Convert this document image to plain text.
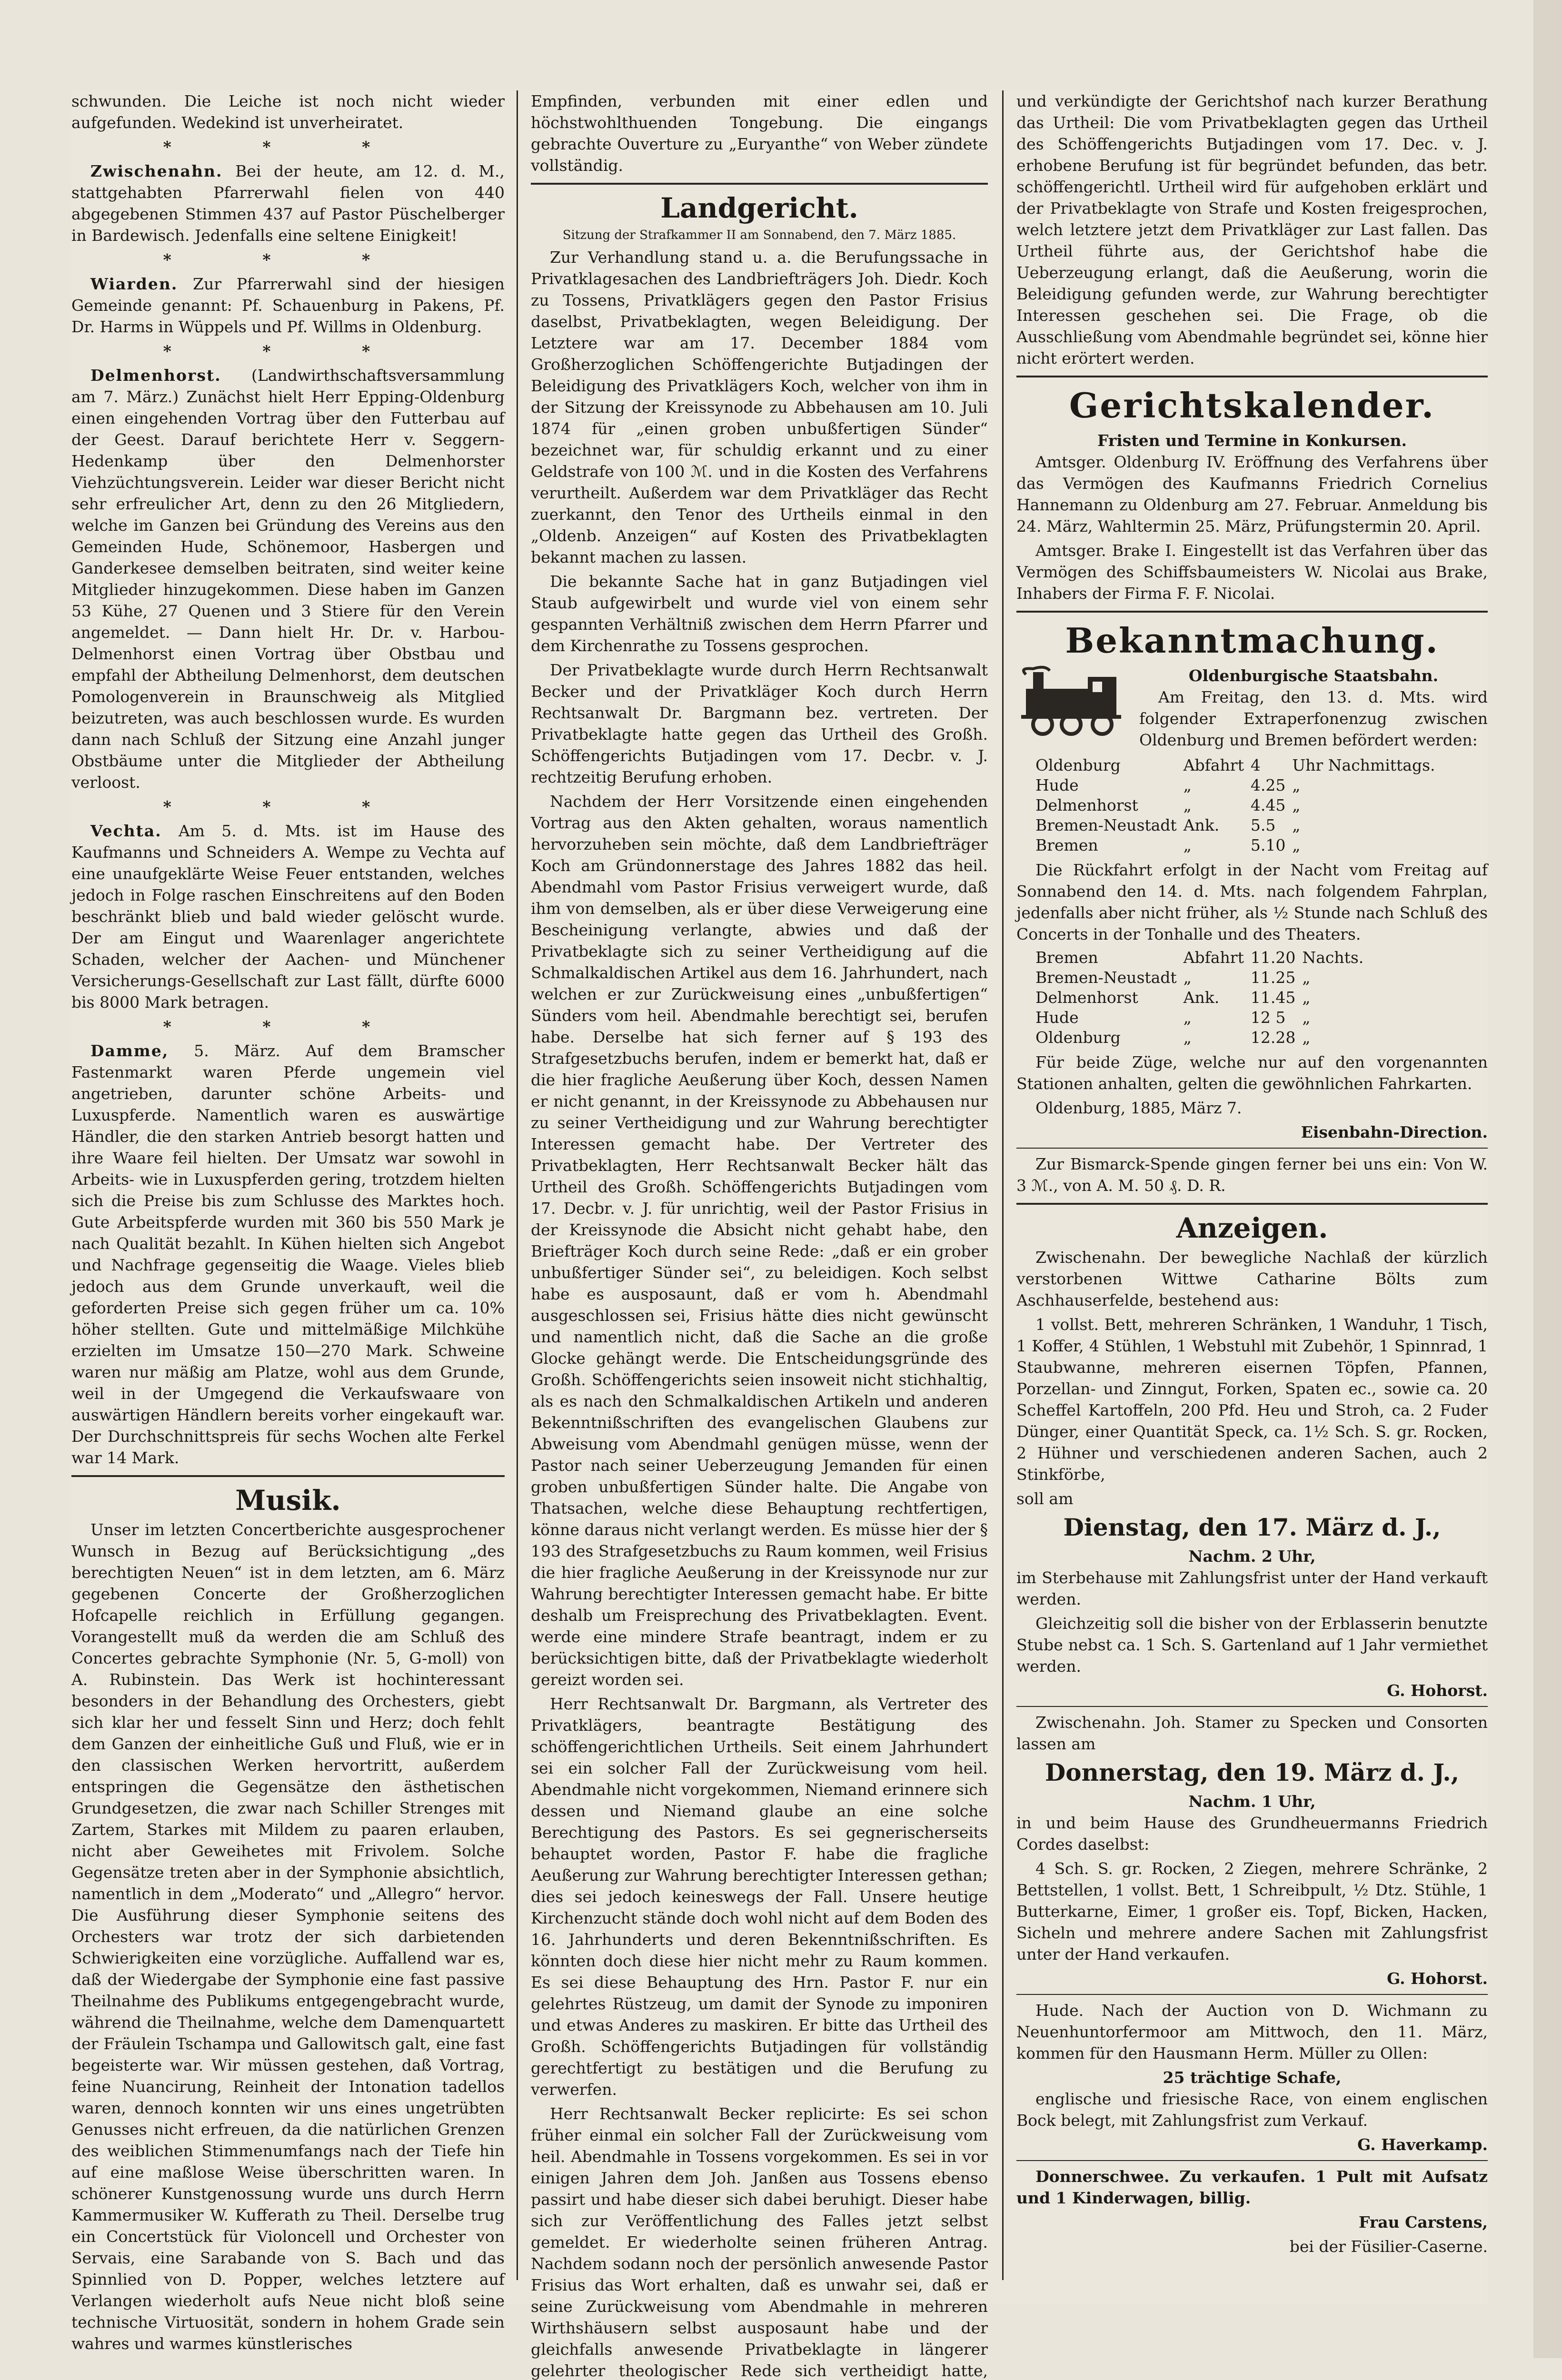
schwunden. Die Leiche ist noch nicht wieder aufgefunden. Wedekind ist unverheiratet.

* * *

Zwischenahn. Bei der heute, am 12. d. M., stattgehabten Pfarrerwahl fielen von 440 abgegebenen Stimmen 437 auf Pastor Püschelberger in Bardewisch. Jedenfalls eine seltene Einigkeit!

* * *

Wiarden. Zur Pfarrerwahl sind der hiesigen Gemeinde genannt: Pf. Schauenburg in Pakens, Pf. Dr. Harms in Wüppels und Pf. Willms in Oldenburg.

* * *

Delmenhorst. (Landwirthschaftsversammlung am 7. März.) Zunächst hielt Herr Epping-Oldenburg einen eingehenden Vortrag über den Futterbau auf der Geest. Darauf berichtete Herr v. Seggern-Hedenkamp über den Delmenhorster Viehzüchtungsverein. Leider war dieser Bericht nicht sehr erfreulicher Art, denn zu den 26 Mitgliedern, welche im Ganzen bei Gründung des Vereins aus den Gemeinden Hude, Schönemoor, Hasbergen und Ganderkesee demselben beitraten, sind weiter keine Mitglieder hinzugekommen. Diese haben im Ganzen 53 Kühe, 27 Quenen und 3 Stiere für den Verein angemeldet. — Dann hielt Hr. Dr. v. Harbou-Delmenhorst einen Vortrag über Obstbau und empfahl der Abtheilung Delmenhorst, dem deutschen Pomologenverein in Braunschweig als Mitglied beizutreten, was auch beschlossen wurde. Es wurden dann nach Schluß der Sitzung eine Anzahl junger Obstbäume unter die Mitglieder der Abtheilung verloost.

* * *

Vechta. Am 5. d. Mts. ist im Hause des Kaufmanns und Schneiders A. Wempe zu Vechta auf eine unaufgeklärte Weise Feuer entstanden, welches jedoch in Folge raschen Einschreitens auf den Boden beschränkt blieb und bald wieder gelöscht wurde. Der am Eingut und Waarenlager angerichtete Schaden, welcher der Aachen- und Münchener Versicherungs-Gesellschaft zur Last fällt, dürfte 6000 bis 8000 Mark betragen.

* * *

Damme, 5. März. Auf dem Bramscher Fastenmarkt waren Pferde ungemein viel angetrieben, darunter schöne Arbeits- und Luxuspferde. Namentlich waren es auswärtige Händler, die den starken Antrieb besorgt hatten und ihre Waare feil hielten. Der Umsatz war sowohl in Arbeits- wie in Luxuspferden gering, trotzdem hielten sich die Preise bis zum Schlusse des Marktes hoch. Gute Arbeitspferde wurden mit 360 bis 550 Mark je nach Qualität bezahlt. In Kühen hielten sich Angebot und Nachfrage gegenseitig die Waage. Vieles blieb jedoch aus dem Grunde unverkauft, weil die geforderten Preise sich gegen früher um ca. 10% höher stellten. Gute und mittelmäßige Milchkühe erzielten im Umsatze 150—270 Mark. Schweine waren nur mäßig am Platze, wohl aus dem Grunde, weil in der Umgegend die Verkaufswaare von auswärtigen Händlern bereits vorher eingekauft war. Der Durchschnittspreis für sechs Wochen alte Ferkel war 14 Mark.

Musik.

Unser im letzten Concertberichte ausgesprochener Wunsch in Bezug auf Berücksichtigung „des berechtigten Neuen“ ist in dem letzten, am 6. März gegebenen Concerte der Großherzoglichen Hofcapelle reichlich in Erfüllung gegangen. Vorangestellt muß da werden die am Schluß des Concertes gebrachte Symphonie (Nr. 5, G-moll) von A. Rubinstein. Das Werk ist hochinteressant besonders in der Behandlung des Orchesters, giebt sich klar her und fesselt Sinn und Herz; doch fehlt dem Ganzen der einheitliche Guß und Fluß, wie er in den classischen Werken hervortritt, außerdem entspringen die Gegensätze den ästhetischen Grundgesetzen, die zwar nach Schiller Strenges mit Zartem, Starkes mit Mildem zu paaren erlauben, nicht aber Geweihetes mit Frivolem. Solche Gegensätze treten aber in der Symphonie absichtlich, namentlich in dem „Moderato“ und „Allegro“ hervor. Die Ausführung dieser Symphonie seitens des Orchesters war trotz der sich darbietenden Schwierigkeiten eine vorzügliche. Auffallend war es, daß der Wiedergabe der Symphonie eine fast passive Theilnahme des Publikums entgegengebracht wurde, während die Theilnahme, welche dem Damenquartett der Fräulein Tschampa und Gallowitsch galt, eine fast begeisterte war. Wir müssen gestehen, daß Vortrag, feine Nuancirung, Reinheit der Intonation tadellos waren, dennoch konnten wir uns eines ungetrübten Genusses nicht erfreuen, da die natürlichen Grenzen des weiblichen Stimmenumfangs nach der Tiefe hin auf eine maßlose Weise überschritten waren. In schönerer Kunstgenossung wurde uns durch Herrn Kammermusiker W. Kufferath zu Theil. Derselbe trug ein Concertstück für Violoncell und Orchester von Servais, eine Sarabande von S. Bach und das Spinnlied von D. Popper, welches letztere auf Verlangen wiederholt aufs Neue nicht bloß seine technische Virtuosität, sondern in hohem Grade sein wahres und warmes künstlerisches

Empfinden, verbunden mit einer edlen und höchstwohlthuenden Tongebung. Die eingangs gebrachte Ouverture zu „Euryanthe“ von Weber zündete vollständig.

Landgericht.
Sitzung der Strafkammer II am Sonnabend, den 7. März 1885.

Zur Verhandlung stand u. a. die Berufungssache in Privatklagesachen des Landbriefträgers Joh. Diedr. Koch zu Tossens, Privatklägers gegen den Pastor Frisius daselbst, Privatbeklagten, wegen Beleidigung. Der Letztere war am 17. December 1884 vom Großherzoglichen Schöffengerichte Butjadingen der Beleidigung des Privatklägers Koch, welcher von ihm in der Sitzung der Kreissynode zu Abbehausen am 10. Juli 1874 für „einen groben unbußfertigen Sünder“ bezeichnet war, für schuldig erkannt und zu einer Geldstrafe von 100 ℳ. und in die Kosten des Verfahrens verurtheilt. Außerdem war dem Privatkläger das Recht zuerkannt, den Tenor des Urtheils einmal in den „Oldenb. Anzeigen“ auf Kosten des Privatbeklagten bekannt machen zu lassen.

Die bekannte Sache hat in ganz Butjadingen viel Staub aufgewirbelt und wurde viel von einem sehr gespannten Verhältniß zwischen dem Herrn Pfarrer und dem Kirchenrathe zu Tossens gesprochen.

Der Privatbeklagte wurde durch Herrn Rechtsanwalt Becker und der Privatkläger Koch durch Herrn Rechtsanwalt Dr. Bargmann bez. vertreten. Der Privatbeklagte hatte gegen das Urtheil des Großh. Schöffengerichts Butjadingen vom 17. Decbr. v. J. rechtzeitig Berufung erhoben.

Nachdem der Herr Vorsitzende einen eingehenden Vortrag aus den Akten gehalten, woraus namentlich hervorzuheben sein möchte, daß dem Landbriefträger Koch am Gründonnerstage des Jahres 1882 das heil. Abendmahl vom Pastor Frisius verweigert wurde, daß ihm von demselben, als er über diese Verweigerung eine Bescheinigung verlangte, abwies und daß der Privatbeklagte sich zu seiner Vertheidigung auf die Schmalkaldischen Artikel aus dem 16. Jahrhundert, nach welchen er zur Zurückweisung eines „unbußfertigen“ Sünders vom heil. Abendmahle berechtigt sei, berufen habe. Derselbe hat sich ferner auf § 193 des Strafgesetzbuchs berufen, indem er bemerkt hat, daß er die hier fragliche Aeußerung über Koch, dessen Namen er nicht genannt, in der Kreissynode zu Abbehausen nur zu seiner Vertheidigung und zur Wahrung berechtigter Interessen gemacht habe. Der Vertreter des Privatbeklagten, Herr Rechtsanwalt Becker hält das Urtheil des Großh. Schöffengerichts Butjadingen vom 17. Decbr. v. J. für unrichtig, weil der Pastor Frisius in der Kreissynode die Absicht nicht gehabt habe, den Briefträger Koch durch seine Rede: „daß er ein grober unbußfertiger Sünder sei“, zu beleidigen. Koch selbst habe es ausposaunt, daß er vom h. Abendmahl ausgeschlossen sei, Frisius hätte dies nicht gewünscht und namentlich nicht, daß die Sache an die große Glocke gehängt werde. Die Entscheidungsgründe des Großh. Schöffengerichts seien insoweit nicht stichhaltig, als es nach den Schmalkaldischen Artikeln und anderen Bekenntnißschriften des evangelischen Glaubens zur Abweisung vom Abendmahl genügen müsse, wenn der Pastor nach seiner Ueberzeugung Jemanden für einen groben unbußfertigen Sünder halte. Die Angabe von Thatsachen, welche diese Behauptung rechtfertigen, könne daraus nicht verlangt werden. Es müsse hier der § 193 des Strafgesetzbuchs zu Raum kommen, weil Frisius die hier fragliche Aeußerung in der Kreissynode nur zur Wahrung berechtigter Interessen gemacht habe. Er bitte deshalb um Freisprechung des Privatbeklagten. Event. werde eine mindere Strafe beantragt, indem er zu berücksichtigen bitte, daß der Privatbeklagte wiederholt gereizt worden sei.

Herr Rechtsanwalt Dr. Bargmann, als Vertreter des Privatklägers, beantragte Bestätigung des schöffengerichtlichen Urtheils. Seit einem Jahrhundert sei ein solcher Fall der Zurückweisung vom heil. Abendmahle nicht vorgekommen, Niemand erinnere sich dessen und Niemand glaube an eine solche Berechtigung des Pastors. Es sei gegnerischerseits behauptet worden, Pastor F. habe die fragliche Aeußerung zur Wahrung berechtigter Interessen gethan; dies sei jedoch keineswegs der Fall. Unsere heutige Kirchenzucht stände doch wohl nicht auf dem Boden des 16. Jahrhunderts und deren Bekenntnißschriften. Es könnten doch diese hier nicht mehr zu Raum kommen. Es sei diese Behauptung des Hrn. Pastor F. nur ein gelehrtes Rüstzeug, um damit der Synode zu imponiren und etwas Anderes zu maskiren. Er bitte das Urtheil des Großh. Schöffengerichts Butjadingen für vollständig gerechtfertigt zu bestätigen und die Berufung zu verwerfen.

Herr Rechtsanwalt Becker replicirte: Es sei schon früher einmal ein solcher Fall der Zurückweisung vom heil. Abendmahle in Tossens vorgekommen. Es sei in vor einigen Jahren dem Joh. Janßen aus Tossens ebenso passirt und habe dieser sich dabei beruhigt. Dieser habe sich zur Veröffentlichung des Falles jetzt selbst gemeldet. Er wiederholte seinen früheren Antrag. Nachdem sodann noch der persönlich anwesende Pastor Frisius das Wort erhalten, daß es unwahr sei, daß er seine Zurückweisung vom Abendmahle in mehreren Wirthshäusern selbst ausposaunt habe und der gleichfalls anwesende Privatbeklagte in längerer gelehrter theologischer Rede sich vertheidigt hatte,

und verkündigte der Gerichtshof nach kurzer Berathung das Urtheil: Die vom Privatbeklagten gegen das Urtheil des Schöffengerichts Butjadingen vom 17. Dec. v. J. erhobene Berufung ist für begründet befunden, das betr. schöffengerichtl. Urtheil wird für aufgehoben erklärt und der Privatbeklagte von Strafe und Kosten freigesprochen, welch letztere jetzt dem Privatkläger zur Last fallen. Das Urtheil führte aus, der Gerichtshof habe die Ueberzeugung erlangt, daß die Aeußerung, worin die Beleidigung gefunden werde, zur Wahrung berechtigter Interessen geschehen sei. Die Frage, ob die Ausschließung vom Abendmahle begründet sei, könne hier nicht erörtert werden.

Gerichtskalender.
Fristen und Termine in Konkursen.

Amtsger. Oldenburg IV. Eröffnung des Verfahrens über das Vermögen des Kaufmanns Friedrich Cornelius Hannemann zu Oldenburg am 27. Februar. Anmeldung bis 24. März, Wahltermin 25. März, Prüfungstermin 20. April.

Amtsger. Brake I. Eingestellt ist das Verfahren über das Vermögen des Schiffsbaumeisters W. Nicolai aus Brake, Inhabers der Firma F. F. Nicolai.

Bekanntmachung.
Oldenburgische Staatsbahn.

Am Freitag, den 13. d. Mts. wird folgender Extraperfonenzug zwischen Oldenburg und Bremen befördert werden:

Oldenburg	Abfahrt	4	Uhr Nachmittags.
Hude	„	4.25	„
Delmenhorst	„	4.45	„
Bremen-Neustadt	Ank.	5.5	„
Bremen	„	5.10	„

Die Rückfahrt erfolgt in der Nacht vom Freitag auf Sonnabend den 14. d. Mts. nach folgendem Fahrplan, jedenfalls aber nicht früher, als ½ Stunde nach Schluß des Concerts in der Tonhalle und des Theaters.

Bremen	Abfahrt	11.20	Nachts.
Bremen-Neustadt	„	11.25	„
Delmenhorst	Ank.	11.45	„
Hude	„	12 5	„
Oldenburg	„	12.28	„

Für beide Züge, welche nur auf den vorgenannten Stationen anhalten, gelten die gewöhnlichen Fahrkarten.

Oldenburg, 1885, März 7.

Eisenbahn-Direction.

Zur Bismarck-Spende gingen ferner bei uns ein: Von W. 3 ℳ., von A. M. 50 ₰. D. R.

Anzeigen.

Zwischenahn. Der bewegliche Nachlaß der kürzlich verstorbenen Wittwe Catharine Bölts zum Aschhauserfelde, bestehend aus:

1 vollst. Bett, mehreren Schränken, 1 Wanduhr, 1 Tisch, 1 Koffer, 4 Stühlen, 1 Webstuhl mit Zubehör, 1 Spinnrad, 1 Staubwanne, mehreren eisernen Töpfen, Pfannen, Porzellan- und Zinngut, Forken, Spaten ec., sowie ca. 20 Scheffel Kartoffeln, 200 Pfd. Heu und Stroh, ca. 2 Fuder Dünger, einer Quantität Speck, ca. 1½ Sch. S. gr. Rocken, 2 Hühner und verschiedenen anderen Sachen, auch 2 Stinkförbe,

soll am

Dienstag, den 17. März d. J.,
Nachm. 2 Uhr,

im Sterbehause mit Zahlungsfrist unter der Hand verkauft werden.

Gleichzeitig soll die bisher von der Erblasserin benutzte Stube nebst ca. 1 Sch. S. Gartenland auf 1 Jahr vermiethet werden.

G. Hohorst.

Zwischenahn. Joh. Stamer zu Specken und Consorten lassen am

Donnerstag, den 19. März d. J.,
Nachm. 1 Uhr,

in und beim Hause des Grundheuermanns Friedrich Cordes daselbst:

4 Sch. S. gr. Rocken, 2 Ziegen, mehrere Schränke, 2 Bettstellen, 1 vollst. Bett, 1 Schreibpult, ½ Dtz. Stühle, 1 Butterkarne, Eimer, 1 großer eis. Topf, Bicken, Hacken, Sicheln und mehrere andere Sachen mit Zahlungsfrist unter der Hand verkaufen.

G. Hohorst.

Hude. Nach der Auction von D. Wichmann zu Neuenhuntorfermoor am Mittwoch, den 11. März, kommen für den Hausmann Herm. Müller zu Ollen:

25 trächtige Schafe,

englische und friesische Race, von einem englischen Bock belegt, mit Zahlungsfrist zum Verkauf.

G. Haverkamp.

Donnerschwee. Zu verkaufen. 1 Pult mit Aufsatz und 1 Kinderwagen, billig.

Frau Carstens,

bei der Füsilier-Caserne.
